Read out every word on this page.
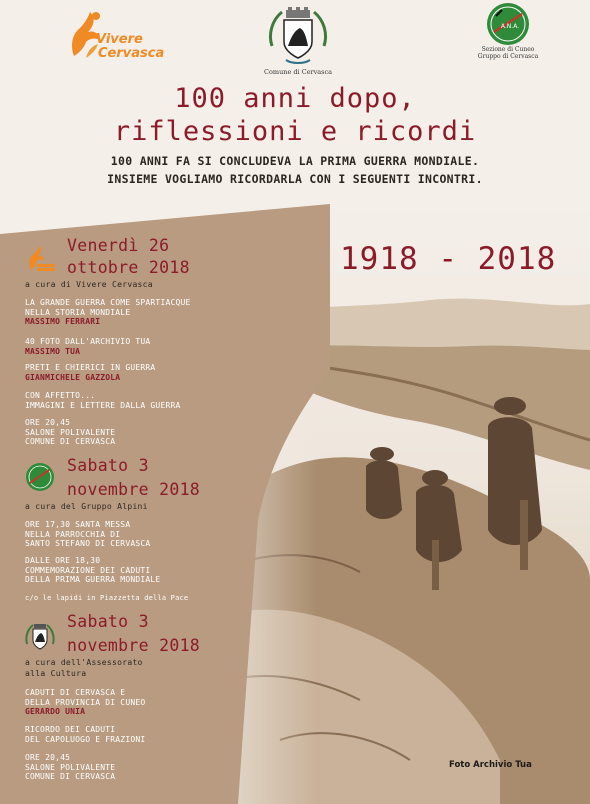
Vivere
Cervasca
Comune di Cervasca
A.N.A.
Sezione di Cuneo
Gruppo di Cervasca
100 anni dopo,
riflessioni e ricordi
100 ANNI FA SI CONCLUDEVA LA PRIMA GUERRA MONDIALE.
INSIEME VOGLIAMO RICORDARLA CON I SEGUENTI INCONTRI.
1918 - 2018
Foto Archivio Tua
Venerdì 26
ottobre 2018
a cura di Vivere Cervasca
LA GRANDE GUERRA COME SPARTIACQUE
NELLA STORIA MONDIALE
MASSIMO FERRARI
40 FOTO DALL'ARCHIVIO TUA
MASSIMO TUA
PRETI E CHIERICI IN GUERRA
GIANMICHELE GAZZOLA
CON AFFETTO...
IMMAGINI E LETTERE DALLA GUERRA
ORE 20,45
SALONE POLIVALENTE
COMUNE DI CERVASCA
Sabato 3
novembre 2018
a cura del Gruppo Alpini
ORE 17,30 SANTA MESSA
NELLA PARROCCHIA DI
SANTO STEFANO DI CERVASCA
DALLE ORE 18,30
COMMEMORAZIONE DEI CADUTI
DELLA PRIMA GUERRA MONDIALE
c/o le lapidi in Piazzetta della Pace
Sabato 3
novembre 2018
a cura dell'Assessorato
alla Cultura
CADUTI DI CERVASCA E
DELLA PROVINCIA DI CUNEO
GERARDO UNIA
RICORDO DEI CADUTI
DEL CAPOLUOGO E FRAZIONI
ORE 20,45
SALONE POLIVALENTE
COMUNE DI CERVASCA
